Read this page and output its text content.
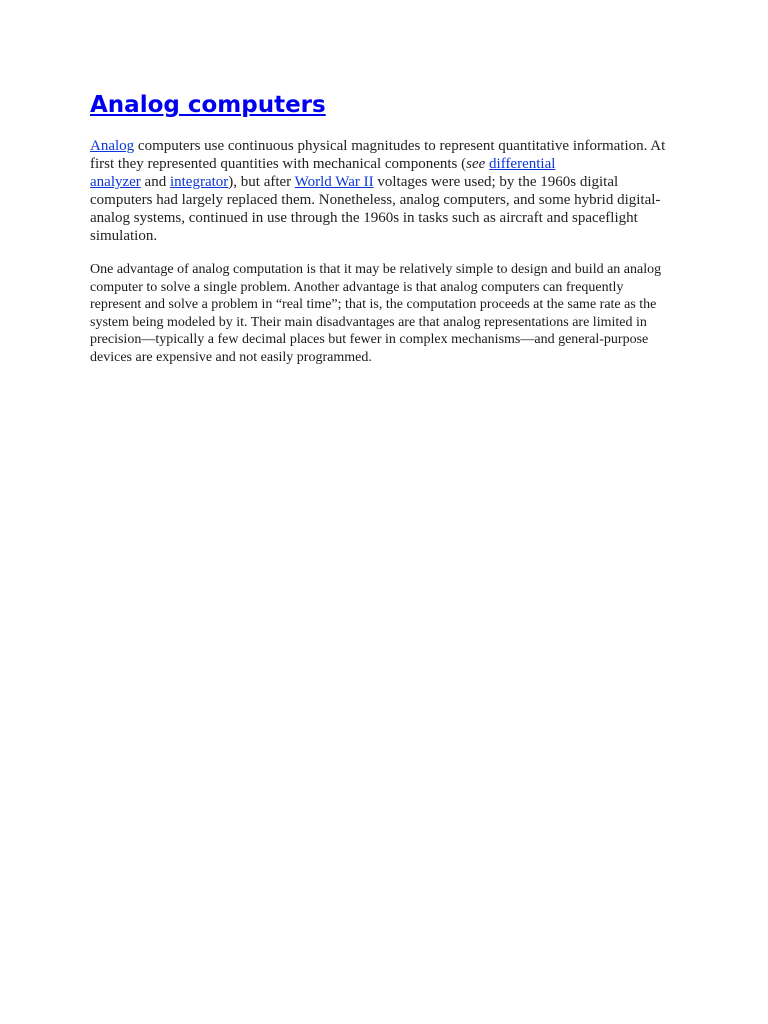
Analog computers

Analog computers use continuous physical magnitudes to represent quantitative information. At first they represented quantities with mechanical components (see differential
analyzer and integrator), but after World War II voltages were used; by the 1960s digital computers had largely replaced them. Nonetheless, analog computers, and some hybrid digital-analog systems, continued in use through the 1960s in tasks such as aircraft and spaceflight simulation.

One advantage of analog computation is that it may be relatively simple to design and build an analog computer to solve a single problem. Another advantage is that analog computers can frequently represent and solve a problem in “real time”; that is, the computation proceeds at the same rate as the system being modeled by it. Their main disadvantages are that analog representations are limited in precision—typically a few decimal places but fewer in complex mechanisms—and general-purpose devices are expensive and not easily programmed.
